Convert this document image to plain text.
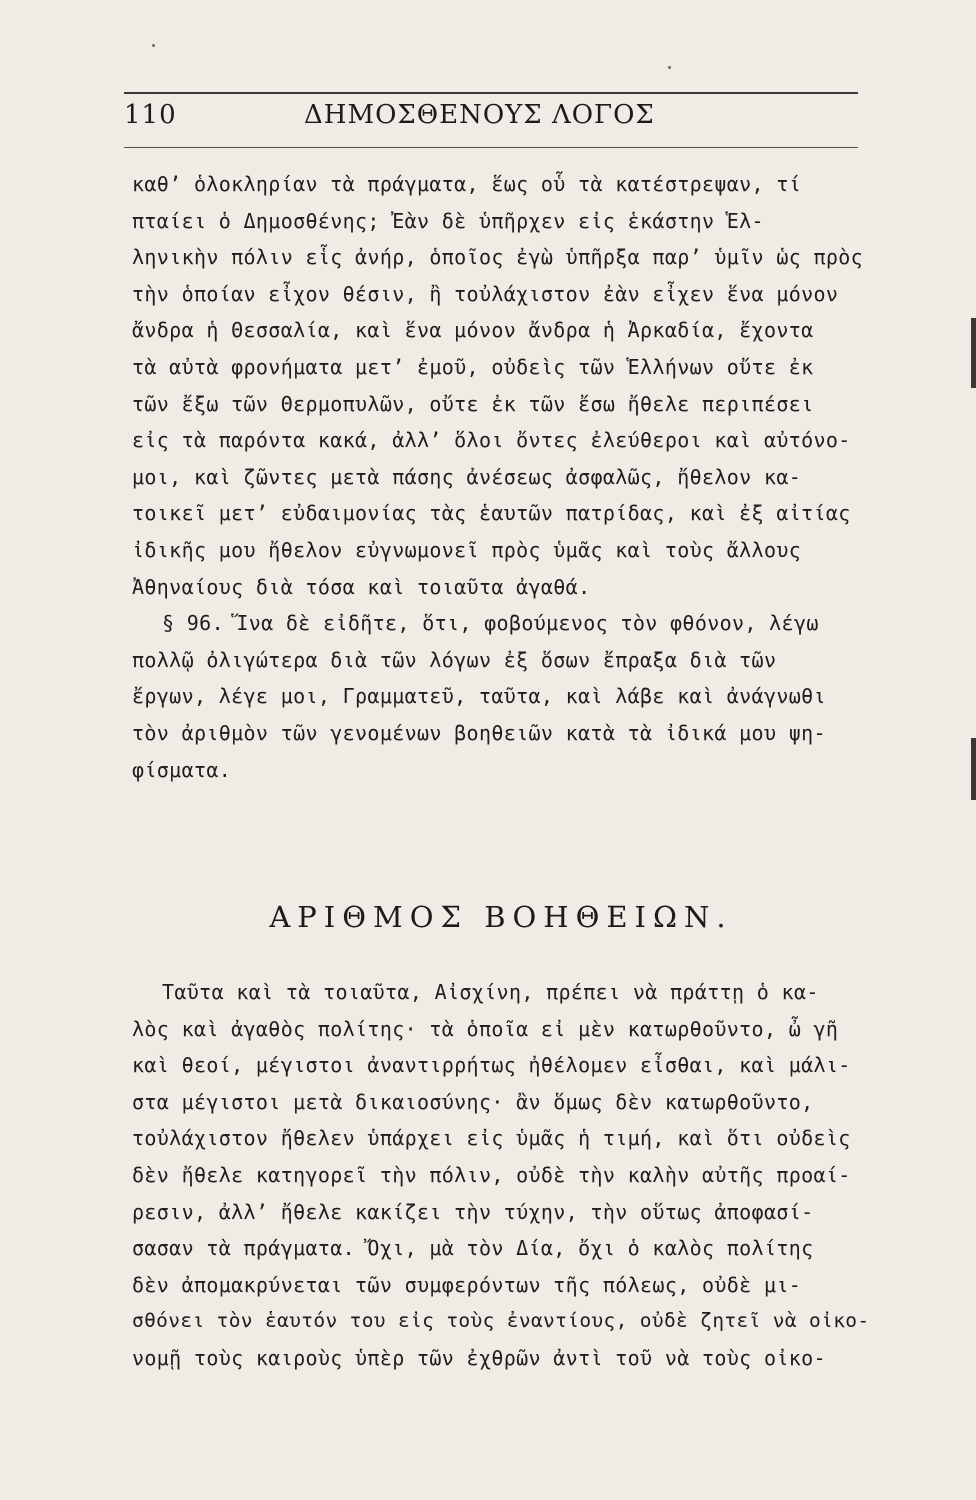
110	ΔΗΜΟΣΘΕΝΟΥΣ ΛΟΓΟΣ
καθ’ ὁλοκληρίαν τὰ πράγματα, ἕως οὗ τὰ κατέστρεψαν, τί
πταίει ὁ Δημοσθένης; Ἐὰν δὲ ὑπῆρχεν εἰς ἑκάστην Ἑλ-
ληνικὴν πόλιν εἷς ἀνήρ, ὁποῖος ἐγὼ ὑπῆρξα παρ’ ὑμῖν ὡς πρὸς
τὴν ὁποίαν εἶχον θέσιν, ἢ τοὐλάχιστον ἐὰν εἶχεν ἕνα μόνον
ἄνδρα ἡ Θεσσαλία, καὶ ἕνα μόνον ἄνδρα ἡ Ἀρκαδία, ἔχοντα
τὰ αὐτὰ φρονήματα μετ’ ἐμοῦ, οὐδεὶς τῶν Ἑλλήνων οὔτε ἐκ
τῶν ἔξω τῶν Θερμοπυλῶν, οὔτε ἐκ τῶν ἔσω ἤθελε περιπέσει
εἰς τὰ παρόντα κακά, ἀλλ’ ὅλοι ὄντες ἐλεύθεροι καὶ αὐτόνο-
μοι, καὶ ζῶντες μετὰ πάσης ἀνέσεως ἀσφαλῶς, ἤθελον κα-
τοικεῖ μετ’ εὐδαιμονίας τὰς ἑαυτῶν πατρίδας, καὶ ἐξ αἰτίας
ἰδικῆς μου ἤθελον εὐγνωμονεῖ πρὸς ὑμᾶς καὶ τοὺς ἄλλους
Ἀθηναίους διὰ τόσα καὶ τοιαῦτα ἀγαθά.
§ 96. Ἵνα δὲ εἰδῆτε, ὅτι, φοβούμενος τὸν φθόνον, λέγω
πολλῷ ὀλιγώτερα διὰ τῶν λόγων ἐξ ὅσων ἔπραξα διὰ τῶν
ἔργων, λέγε μοι, Γραμματεῦ, ταῦτα, καὶ λάβε καὶ ἀνάγνωθι
τὸν ἀριθμὸν τῶν γενομένων βοηθειῶν κατὰ τὰ ἰδικά μου ψη-
φίσματα.
ΑΡΙΘΜΟΣ ΒΟΗΘΕΙΩΝ.
Ταῦτα καὶ τὰ τοιαῦτα, Αἰσχίνη, πρέπει νὰ πράττῃ ὁ κα-
λὸς καὶ ἀγαθὸς πολίτης· τὰ ὁποῖα εἰ μὲν κατωρθοῦντο, ὦ γῆ
καὶ θεοί, μέγιστοι ἀναντιρρήτως ἠθέλομεν εἶσθαι, καὶ μάλι-
στα μέγιστοι μετὰ δικαιοσύνης· ἂν ὅμως δὲν κατωρθοῦντο,
τοὐλάχιστον ἤθελεν ὑπάρχει εἰς ὑμᾶς ἡ τιμή, καὶ ὅτι οὐδεὶς
δὲν ἤθελε κατηγορεῖ τὴν πόλιν, οὐδὲ τὴν καλὴν αὐτῆς προαί-
ρεσιν, ἀλλ’ ἤθελε κακίζει τὴν τύχην, τὴν οὕτως ἀποφασί-
σασαν τὰ πράγματα. Ὄχι, μὰ τὸν Δία, ὄχι ὁ καλὸς πολίτης
δὲν ἀπομακρύνεται τῶν συμφερόντων τῆς πόλεως, οὐδὲ μι-
σθόνει τὸν ἑαυτόν του εἰς τοὺς ἐναντίους, οὐδὲ ζητεῖ νὰ οἰκο-
νομῇ τοὺς καιροὺς ὑπὲρ τῶν ἐχθρῶν ἀντὶ τοῦ νὰ τοὺς οἰκο-
